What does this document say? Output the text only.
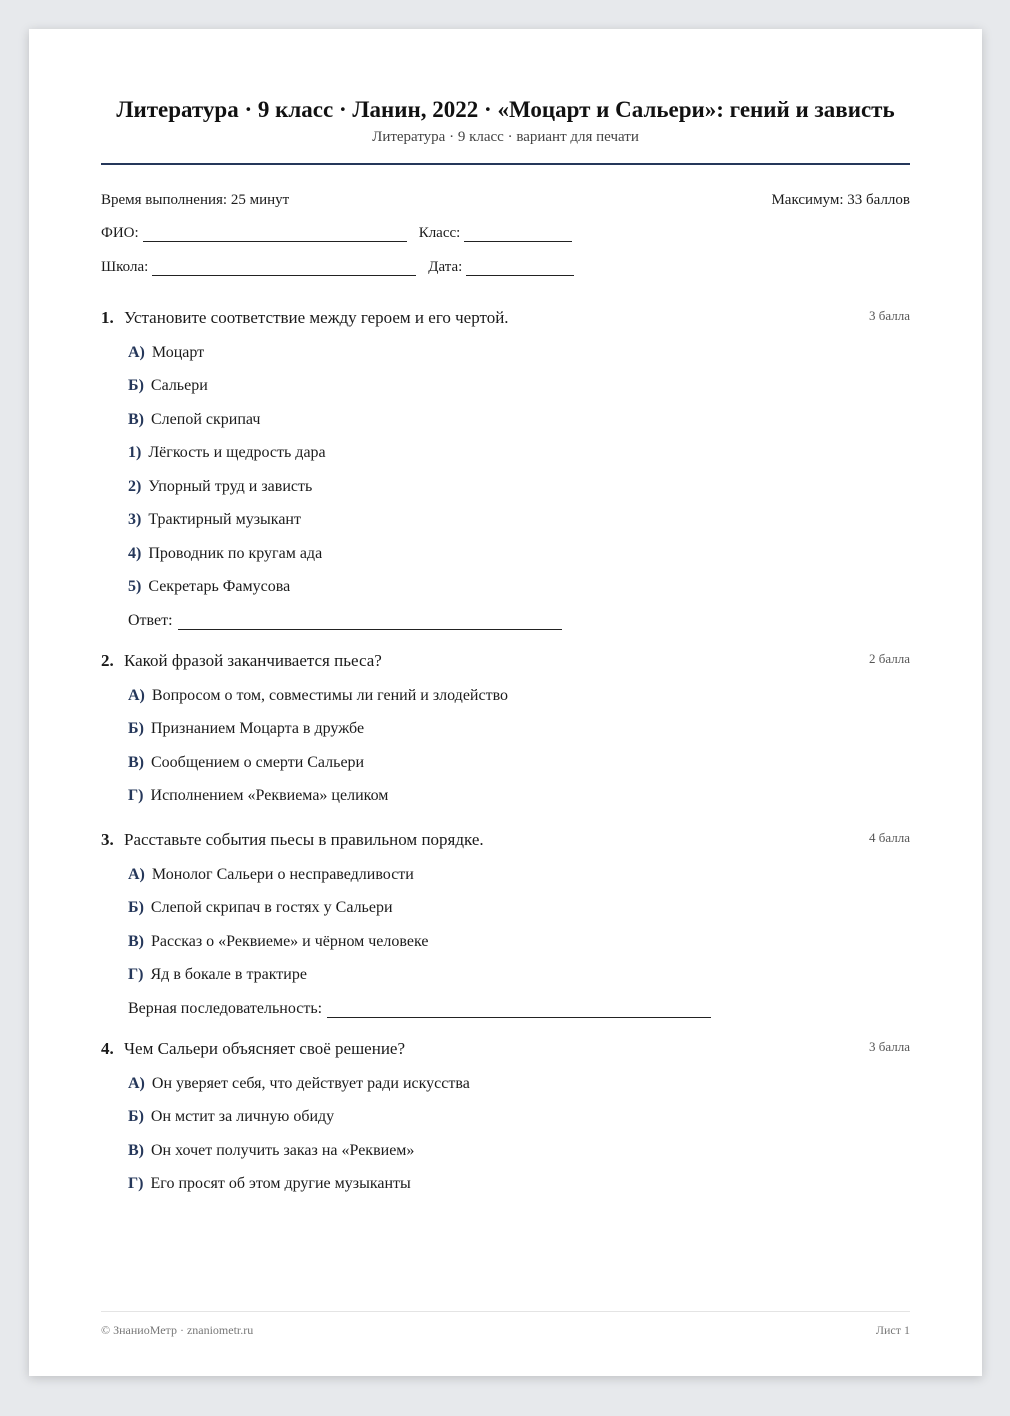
Литература · 9 класс · Ланин, 2022 · «Моцарт и Сальери»: гений и зависть
Литература · 9 класс · вариант для печати
Время выполнения: 25 минут	Максимум: 33 баллов
ФИО:	Класс:
Школа:	Дата:
1. Установите соответствие между героем и его чертой.	3 балла
А) Моцарт
Б) Сальери
В) Слепой скрипач
1) Лёгкость и щедрость дара
2) Упорный труд и зависть
3) Трактирный музыкант
4) Проводник по кругам ада
5) Секретарь Фамусова
Ответ:
2. Какой фразой заканчивается пьеса?	2 балла
А) Вопросом о том, совместимы ли гений и злодейство
Б) Признанием Моцарта в дружбе
В) Сообщением о смерти Сальери
Г) Исполнением «Реквиема» целиком
3. Расставьте события пьесы в правильном порядке.	4 балла
А) Монолог Сальери о несправедливости
Б) Слепой скрипач в гостях у Сальери
В) Рассказ о «Реквиеме» и чёрном человеке
Г) Яд в бокале в трактире
Верная последовательность:
4. Чем Сальери объясняет своё решение?	3 балла
А) Он уверяет себя, что действует ради искусства
Б) Он мстит за личную обиду
В) Он хочет получить заказ на «Реквием»
Г) Его просят об этом другие музыканты
© ЗнаниоМетр · znaniometr.ru	Лист 1
